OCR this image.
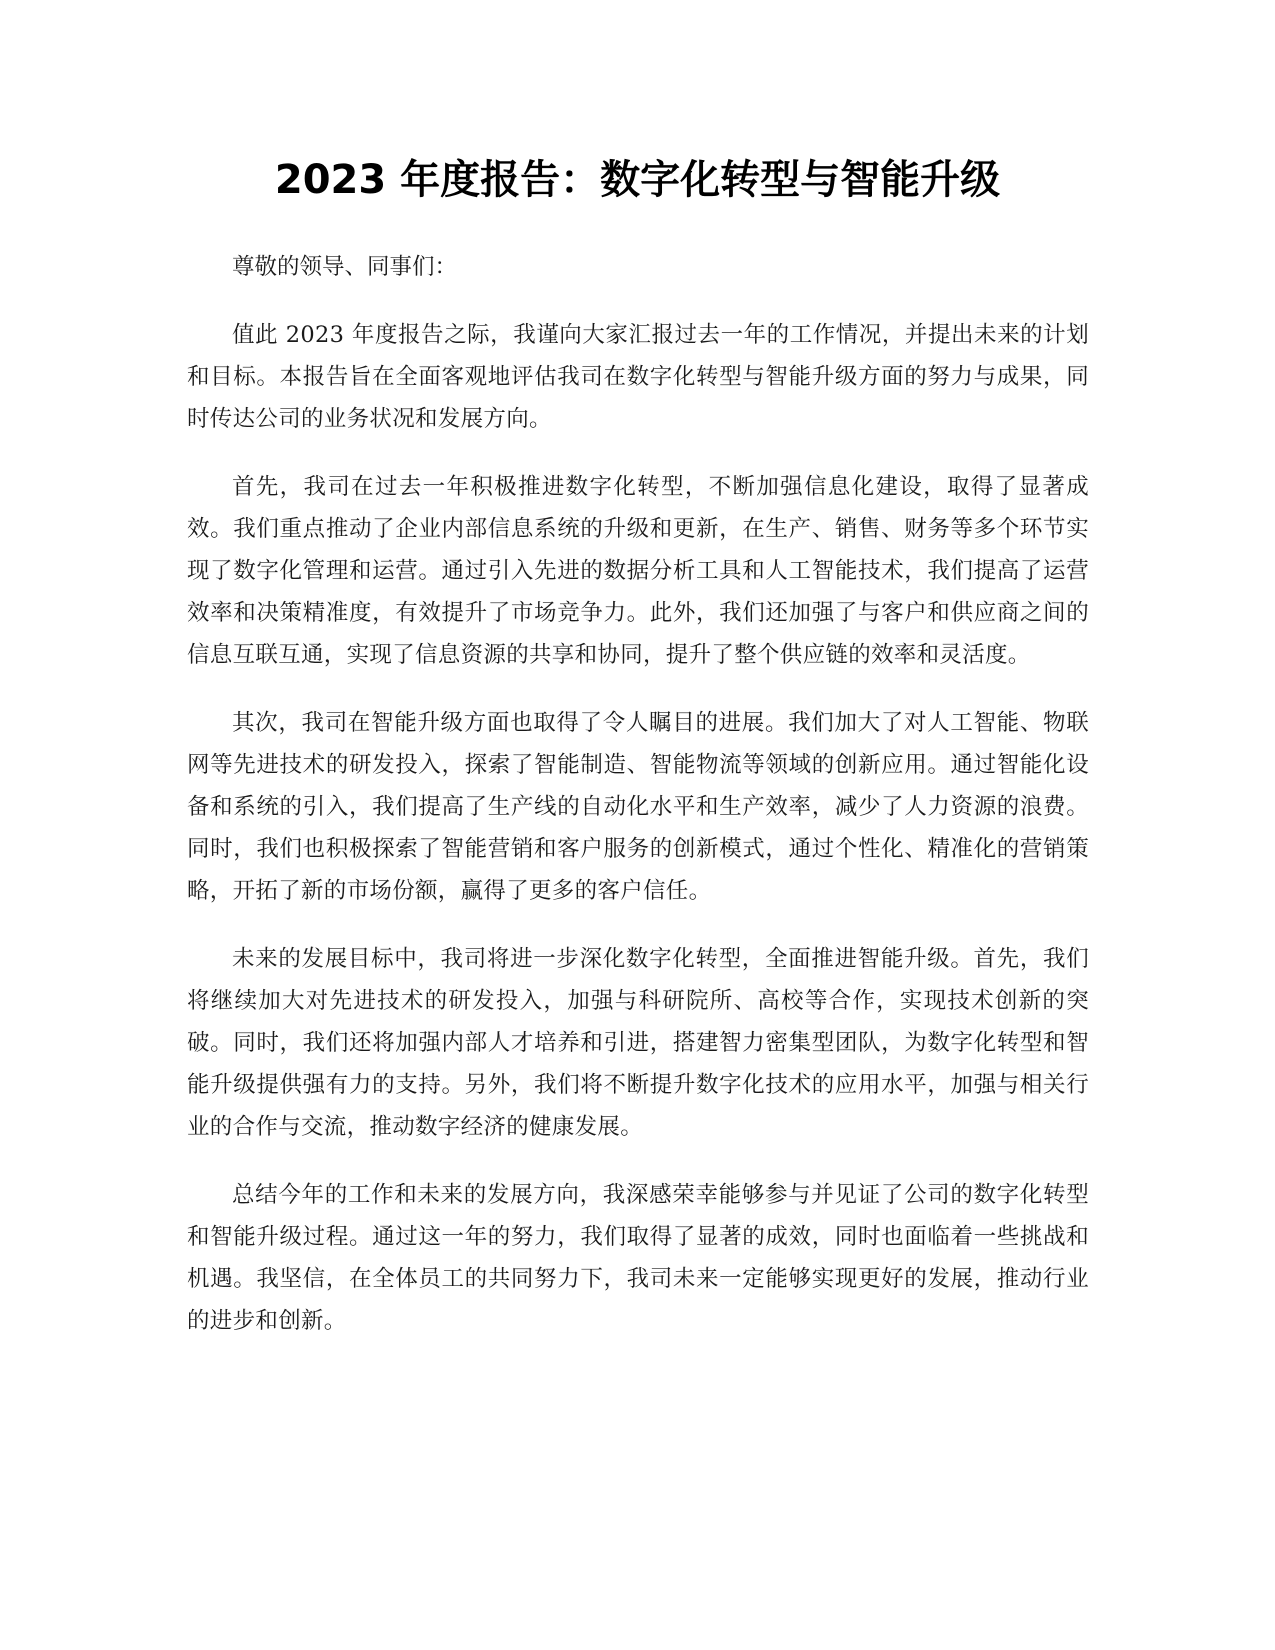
2023 年度报告：数字化转型与智能升级

尊敬的领导、同事们：

值此 2023 年度报告之际，我谨向大家汇报过去一年的工作情况，并提出未来的计划和目标。本报告旨在全面客观地评估我司在数字化转型与智能升级方面的努力与成果，同时传达公司的业务状况和发展方向。

首先，我司在过去一年积极推进数字化转型，不断加强信息化建设，取得了显著成效。我们重点推动了企业内部信息系统的升级和更新，在生产、销售、财务等多个环节实现了数字化管理和运营。通过引入先进的数据分析工具和人工智能技术，我们提高了运营效率和决策精准度，有效提升了市场竞争力。此外，我们还加强了与客户和供应商之间的信息互联互通，实现了信息资源的共享和协同，提升了整个供应链的效率和灵活度。

其次，我司在智能升级方面也取得了令人瞩目的进展。我们加大了对人工智能、物联网等先进技术的研发投入，探索了智能制造、智能物流等领域的创新应用。通过智能化设备和系统的引入，我们提高了生产线的自动化水平和生产效率，减少了人力资源的浪费。同时，我们也积极探索了智能营销和客户服务的创新模式，通过个性化、精准化的营销策略，开拓了新的市场份额，赢得了更多的客户信任。

未来的发展目标中，我司将进一步深化数字化转型，全面推进智能升级。首先，我们将继续加大对先进技术的研发投入，加强与科研院所、高校等合作，实现技术创新的突破。同时，我们还将加强内部人才培养和引进，搭建智力密集型团队，为数字化转型和智能升级提供强有力的支持。另外，我们将不断提升数字化技术的应用水平，加强与相关行业的合作与交流，推动数字经济的健康发展。

总结今年的工作和未来的发展方向，我深感荣幸能够参与并见证了公司的数字化转型和智能升级过程。通过这一年的努力，我们取得了显著的成效，同时也面临着一些挑战和机遇。我坚信，在全体员工的共同努力下，我司未来一定能够实现更好的发展，推动行业的进步和创新。
